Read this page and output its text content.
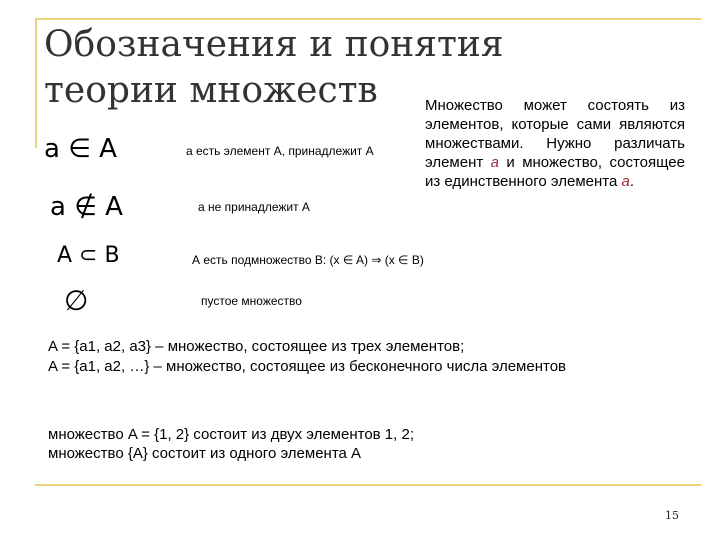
Обозначения и понятия теории множеств
a ∈ A	а есть элемент А, принадлежит А
a ∉ A	а не принадлежит А
A ⊂ B	А есть подмножество В: (x ∈ A) ⇒ (x ∈ B)
∅	пустое множество
Множество может состоять из элементов, которые сами являются множествами. Нужно различать элемент a и множество, состоящее из единственного элемента a.
A = {a1, a2, a3} – множество, состоящее из трех элементов;
A = {a1, a2, …} – множество, состоящее из бесконечного числа элементов
множество A = {1, 2} состоит из двух элементов 1, 2;
множество {A} состоит из одного элемента A
15
